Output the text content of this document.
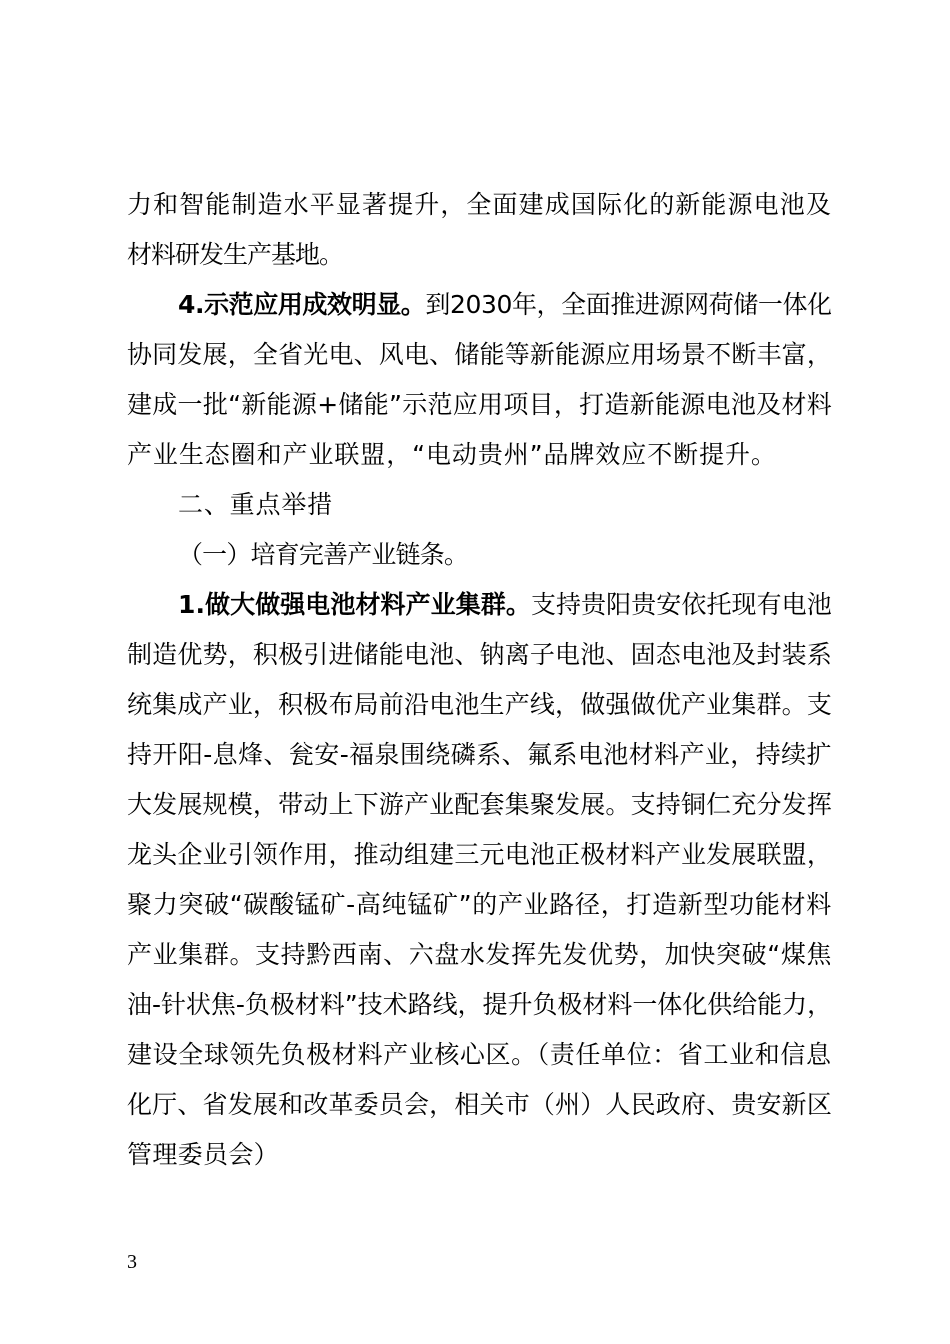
力和智能制造水平显著提升，全面建成国际化的新能源电池及
材料研发生产基地。
4.示范应用成效明显。到2030年，全面推进源网荷储一体化
协同发展，全省光电、风电、储能等新能源应用场景不断丰富，
建成一批“新能源+储能”示范应用项目，打造新能源电池及材料
产业生态圈和产业联盟，“电动贵州”品牌效应不断提升。
二、重点举措
（一）培育完善产业链条。
1.做大做强电池材料产业集群。支持贵阳贵安依托现有电池
制造优势，积极引进储能电池、钠离子电池、固态电池及封装系
统集成产业，积极布局前沿电池生产线，做强做优产业集群。支
持开阳-息烽、瓮安-福泉围绕磷系、氟系电池材料产业，持续扩
大发展规模，带动上下游产业配套集聚发展。支持铜仁充分发挥
龙头企业引领作用，推动组建三元电池正极材料产业发展联盟，
聚力突破“碳酸锰矿-高纯锰矿”的产业路径，打造新型功能材料
产业集群。支持黔西南、六盘水发挥先发优势，加快突破“煤焦
油-针状焦-负极材料”技术路线，提升负极材料一体化供给能力，
建设全球领先负极材料产业核心区。（责任单位：省工业和信息
化厅、省发展和改革委员会，相关市（州）人民政府、贵安新区
管理委员会）
3
